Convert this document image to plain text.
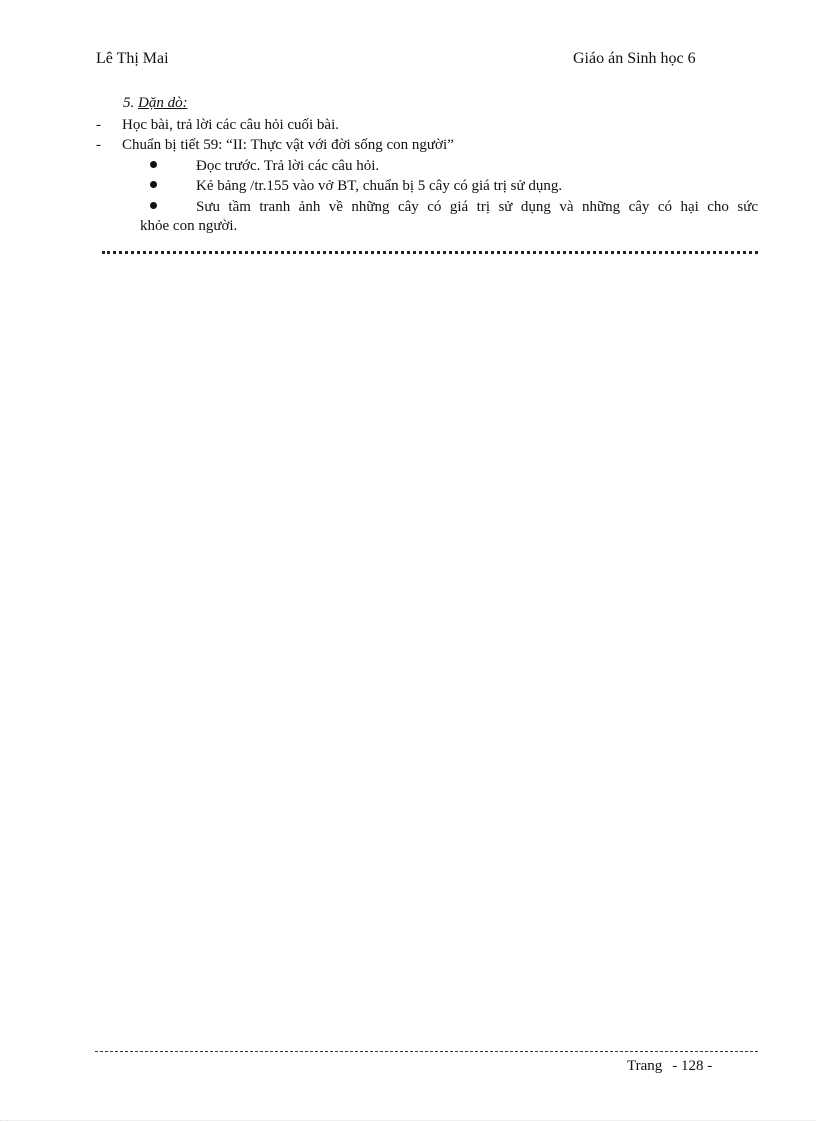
Lê Thị Mai	Giáo án Sinh học 6
5. Dặn dò:
- Học bài, trả lời các câu hỏi cuối bài.
- Chuẩn bị tiết 59: “II: Thực vật với đời sống con người”
Đọc trước. Trả lời các câu hỏi.
Kẻ bảng /tr.155 vào vở BT, chuẩn bị 5 cây có giá trị sử dụng.
Sưu tầm tranh ảnh về những cây có giá trị sử dụng và những cây có hại cho sức
khỏe con người.
Trang - 128 -
